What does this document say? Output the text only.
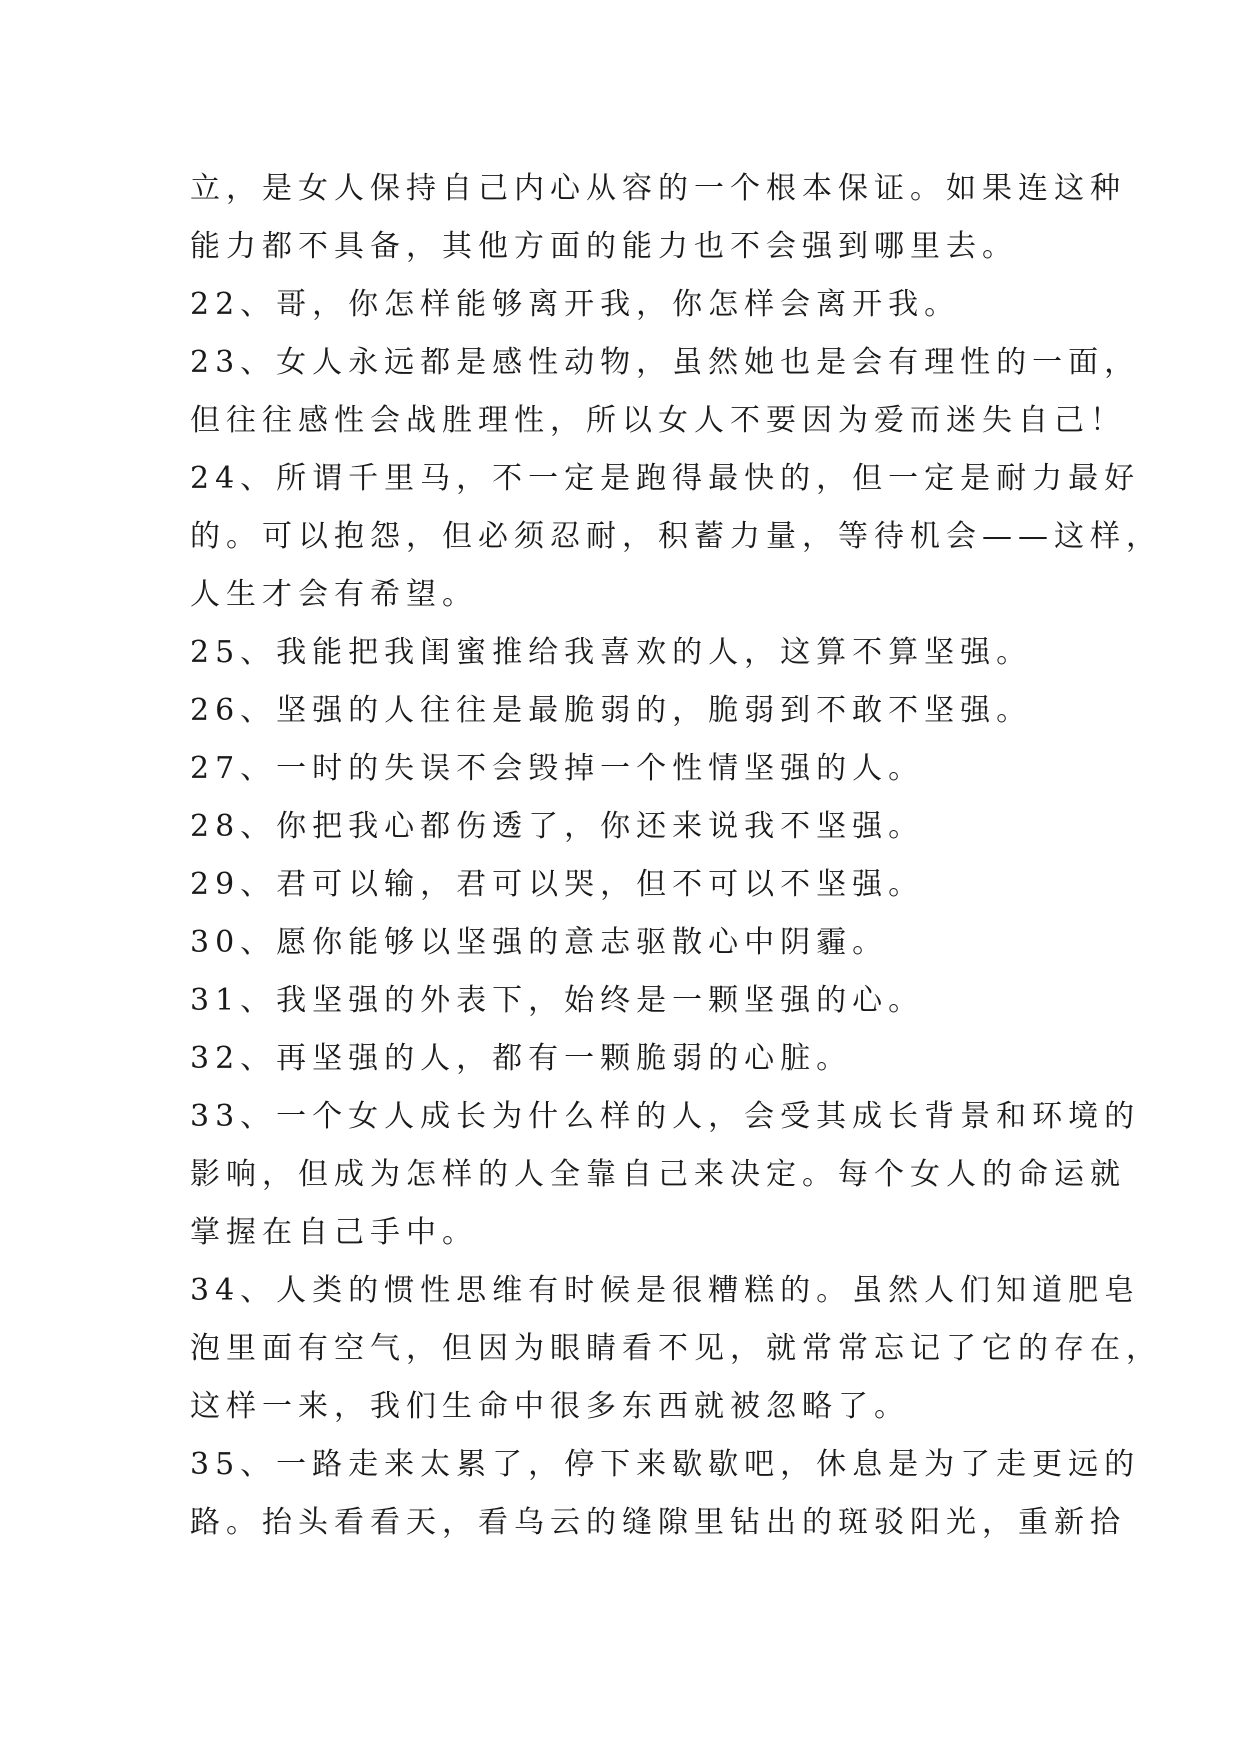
立，是女人保持自己内心从容的一个根本保证。如果连这种
能力都不具备，其他方面的能力也不会强到哪里去。
22、哥，你怎样能够离开我，你怎样会离开我。
23、女人永远都是感性动物，虽然她也是会有理性的一面，
但往往感性会战胜理性，所以女人不要因为爱而迷失自己！
24、所谓千里马，不一定是跑得最快的，但一定是耐力最好
的。可以抱怨，但必须忍耐，积蓄力量，等待机会——这样，
人生才会有希望。
25、我能把我闺蜜推给我喜欢的人，这算不算坚强。
26、坚强的人往往是最脆弱的，脆弱到不敢不坚强。
27、一时的失误不会毁掉一个性情坚强的人。
28、你把我心都伤透了，你还来说我不坚强。
29、君可以输，君可以哭，但不可以不坚强。
30、愿你能够以坚强的意志驱散心中阴霾。
31、我坚强的外表下，始终是一颗坚强的心。
32、再坚强的人，都有一颗脆弱的心脏。
33、一个女人成长为什么样的人，会受其成长背景和环境的
影响，但成为怎样的人全靠自己来决定。每个女人的命运就
掌握在自己手中。
34、人类的惯性思维有时候是很糟糕的。虽然人们知道肥皂
泡里面有空气，但因为眼睛看不见，就常常忘记了它的存在，
这样一来，我们生命中很多东西就被忽略了。
35、一路走来太累了，停下来歇歇吧，休息是为了走更远的
路。抬头看看天，看乌云的缝隙里钻出的斑驳阳光，重新拾
